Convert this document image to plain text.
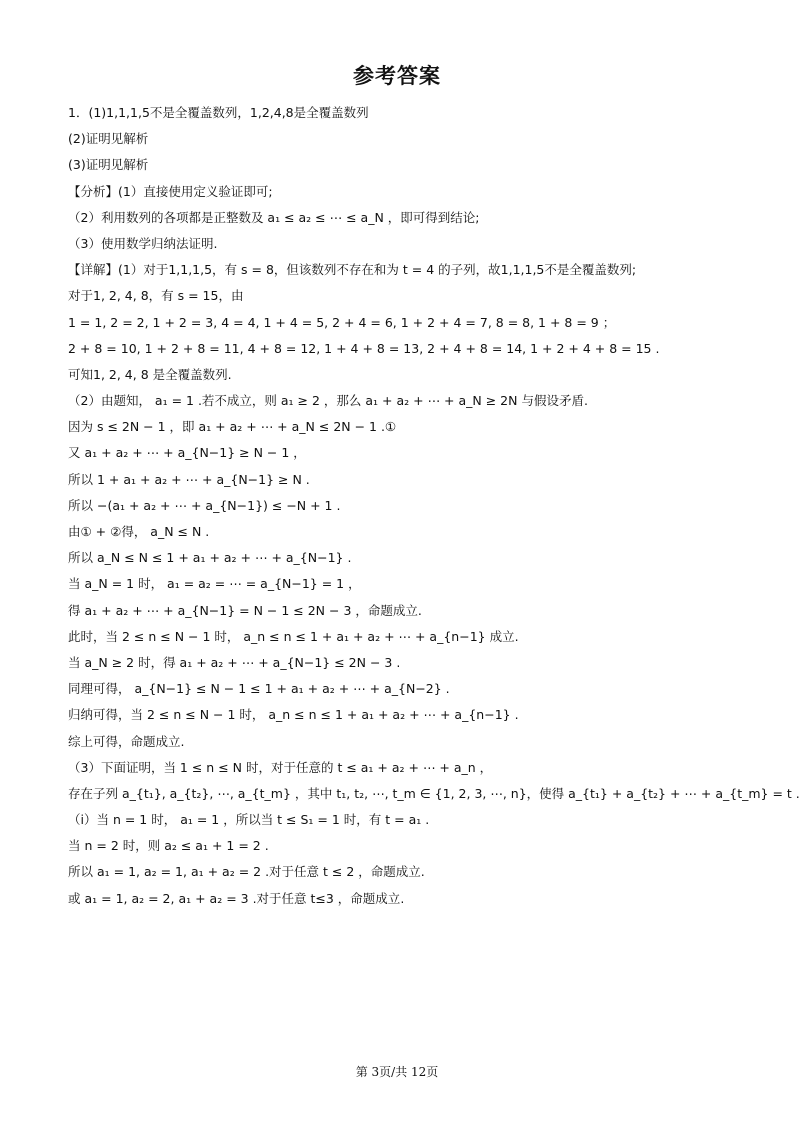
参考答案
1．(1)1,1,1,5不是全覆盖数列，1,2,4,8是全覆盖数列
(2)证明见解析
(3)证明见解析
【分析】(1）直接使用定义验证即可;
（2）利用数列的各项都是正整数及 a₁ ≤ a₂ ≤ ⋯ ≤ a_N ，即可得到结论;
（3）使用数学归纳法证明.
【详解】(1）对于1,1,1,5，有 s = 8，但该数列不存在和为 t = 4 的子列，故1,1,1,5不是全覆盖数列;
对于1, 2, 4, 8，有 s = 15，由
1 = 1, 2 = 2, 1 + 2 = 3, 4 = 4, 1 + 4 = 5, 2 + 4 = 6, 1 + 2 + 4 = 7, 8 = 8, 1 + 8 = 9 ；
2 + 8 = 10, 1 + 2 + 8 = 11, 4 + 8 = 12, 1 + 4 + 8 = 13, 2 + 4 + 8 = 14, 1 + 2 + 4 + 8 = 15 .
可知1, 2, 4, 8 是全覆盖数列.
（2）由题知， a₁ = 1 .若不成立，则 a₁ ≥ 2 ，那么 a₁ + a₂ + ⋯ + a_N ≥ 2N 与假设矛盾.
因为 s ≤ 2N − 1 ，即 a₁ + a₂ + ⋯ + a_N ≤ 2N − 1 .①
又 a₁ + a₂ + ⋯ + a_{N−1} ≥ N − 1 ，
所以 1 + a₁ + a₂ + ⋯ + a_{N−1} ≥ N .
所以 −(a₁ + a₂ + ⋯ + a_{N−1}) ≤ −N + 1 .
由① + ②得， a_N ≤ N .
所以 a_N ≤ N ≤ 1 + a₁ + a₂ + ⋯ + a_{N−1} .
当 a_N = 1 时， a₁ = a₂ = ⋯ = a_{N−1} = 1 ，
得 a₁ + a₂ + ⋯ + a_{N−1} = N − 1 ≤ 2N − 3 ，命题成立.
此时，当 2 ≤ n ≤ N − 1 时， a_n ≤ n ≤ 1 + a₁ + a₂ + ⋯ + a_{n−1} 成立.
当 a_N ≥ 2 时，得 a₁ + a₂ + ⋯ + a_{N−1} ≤ 2N − 3 .
同理可得， a_{N−1} ≤ N − 1 ≤ 1 + a₁ + a₂ + ⋯ + a_{N−2} .
归纳可得，当 2 ≤ n ≤ N − 1 时， a_n ≤ n ≤ 1 + a₁ + a₂ + ⋯ + a_{n−1} .
综上可得，命题成立.
（3）下面证明，当 1 ≤ n ≤ N 时，对于任意的 t ≤ a₁ + a₂ + ⋯ + a_n ，
存在子列 a_{t₁}, a_{t₂}, ⋯, a_{t_m} ，其中 t₁, t₂, ⋯, t_m ∈ {1, 2, 3, ⋯, n}，使得 a_{t₁} + a_{t₂} + ⋯ + a_{t_m} = t .
（i）当 n = 1 时， a₁ = 1 ，所以当 t ≤ S₁ = 1 时，有 t = a₁ .
当 n = 2 时，则 a₂ ≤ a₁ + 1 = 2 .
所以 a₁ = 1, a₂ = 1, a₁ + a₂ = 2 .对于任意 t ≤ 2 ，命题成立.
或 a₁ = 1, a₂ = 2, a₁ + a₂ = 3 .对于任意 t≤3 ，命题成立.
第 3页/共 12页
